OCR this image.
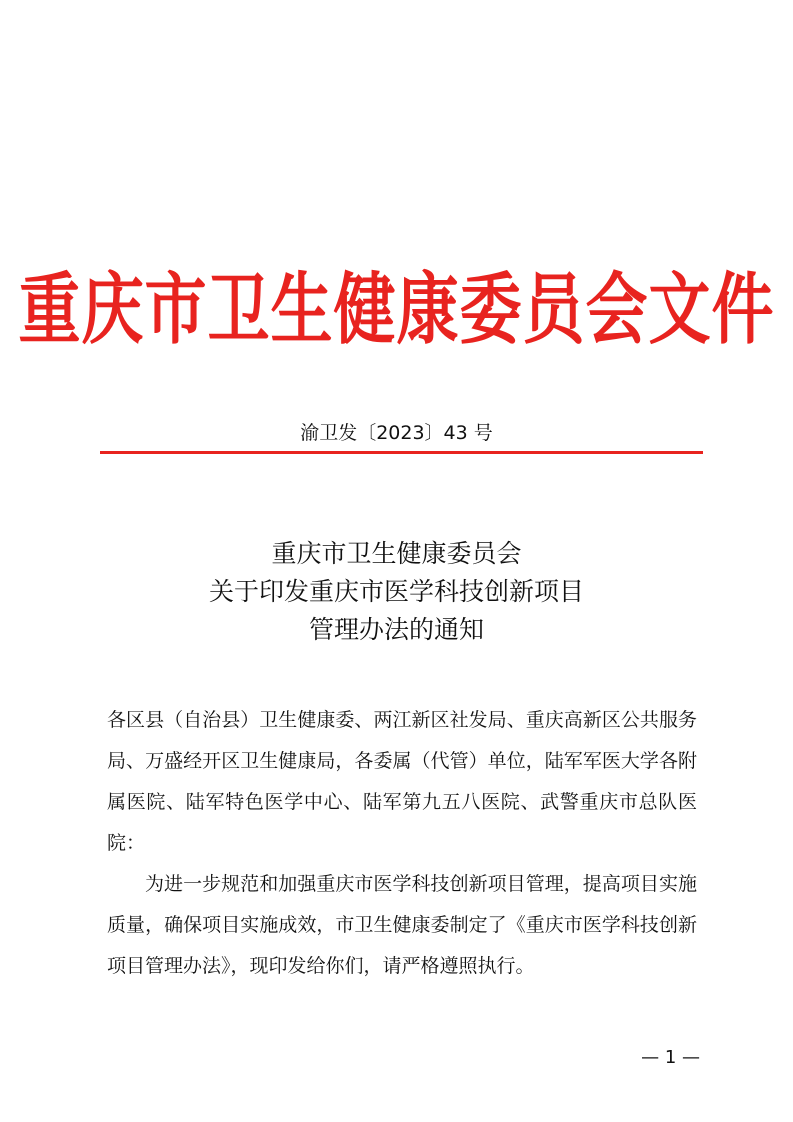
重庆市卫生健康委员会文件
渝卫发〔2023〕43 号
重庆市卫生健康委员会
关于印发重庆市医学科技创新项目
管理办法的通知

各区县（自治县）卫生健康委、两江新区社发局、重庆高新区公共服务局、万盛经开区卫生健康局，各委属（代管）单位，陆军军医大学各附属医院、陆军特色医学中心、陆军第九五八医院、武警重庆市总队医院：

为进一步规范和加强重庆市医学科技创新项目管理，提高项目实施质量，确保项目实施成效，市卫生健康委制定了《重庆市医学科技创新项目管理办法》，现印发给你们，请严格遵照执行。

— 1 —
